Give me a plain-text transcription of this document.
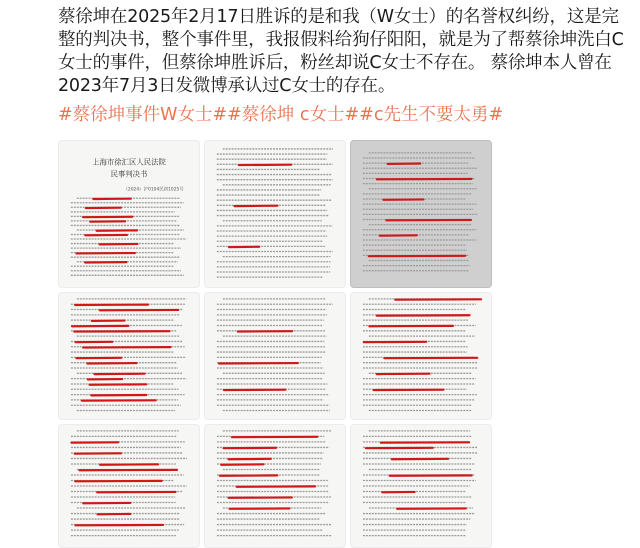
蔡徐坤在2025年2月17日胜诉的是和我（W女士）的名誉权纠纷，这是完整的判决书，整个事件里，我报假料给狗仔阳阳，就是为了帮蔡徐坤洗白C女士的事件，但蔡徐坤胜诉后，粉丝却说C女士不存在。 蔡徐坤本人曾在2023年7月3日发微博承认过C女士的存在。

#蔡徐坤事件W女士##蔡徐坤 c女士##c先生不要太勇#
上海市徐汇区人民法院
民事判决书
（2024）沪0104民初1025号
